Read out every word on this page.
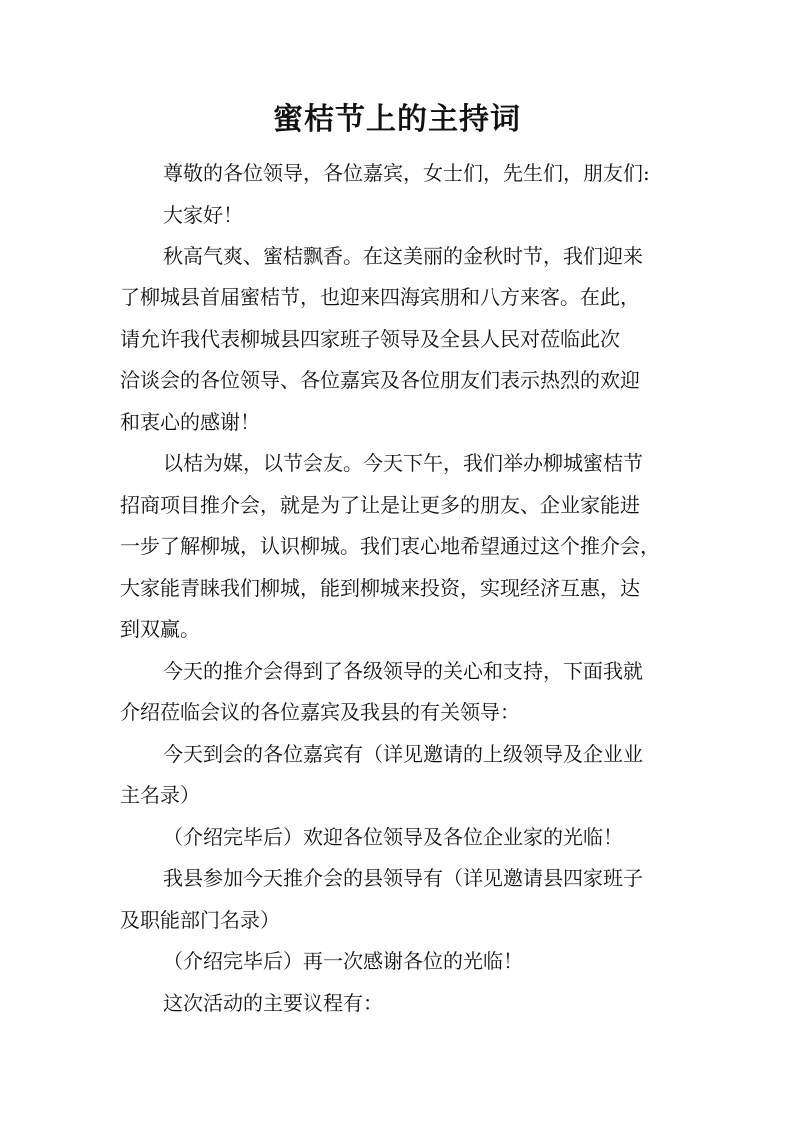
蜜桔节上的主持词
尊敬的各位领导，各位嘉宾，女士们，先生们，朋友们:
大家好！
秋高气爽、蜜桔飘香。在这美丽的金秋时节，我们迎来
了柳城县首届蜜桔节，也迎来四海宾朋和八方来客。在此，
请允许我代表柳城县四家班子领导及全县人民对莅临此次
洽谈会的各位领导、各位嘉宾及各位朋友们表示热烈的欢迎
和衷心的感谢！
以桔为媒，以节会友。今天下午，我们举办柳城蜜桔节
招商项目推介会，就是为了让是让更多的朋友、企业家能进
一步了解柳城，认识柳城。我们衷心地希望通过这个推介会，
大家能青睐我们柳城，能到柳城来投资，实现经济互惠，达
到双赢。
今天的推介会得到了各级领导的关心和支持，下面我就
介绍莅临会议的各位嘉宾及我县的有关领导：
今天到会的各位嘉宾有（详见邀请的上级领导及企业业
主名录）
（介绍完毕后）欢迎各位领导及各位企业家的光临！
我县参加今天推介会的县领导有（详见邀请县四家班子
及职能部门名录）
（介绍完毕后）再一次感谢各位的光临！
这次活动的主要议程有：
